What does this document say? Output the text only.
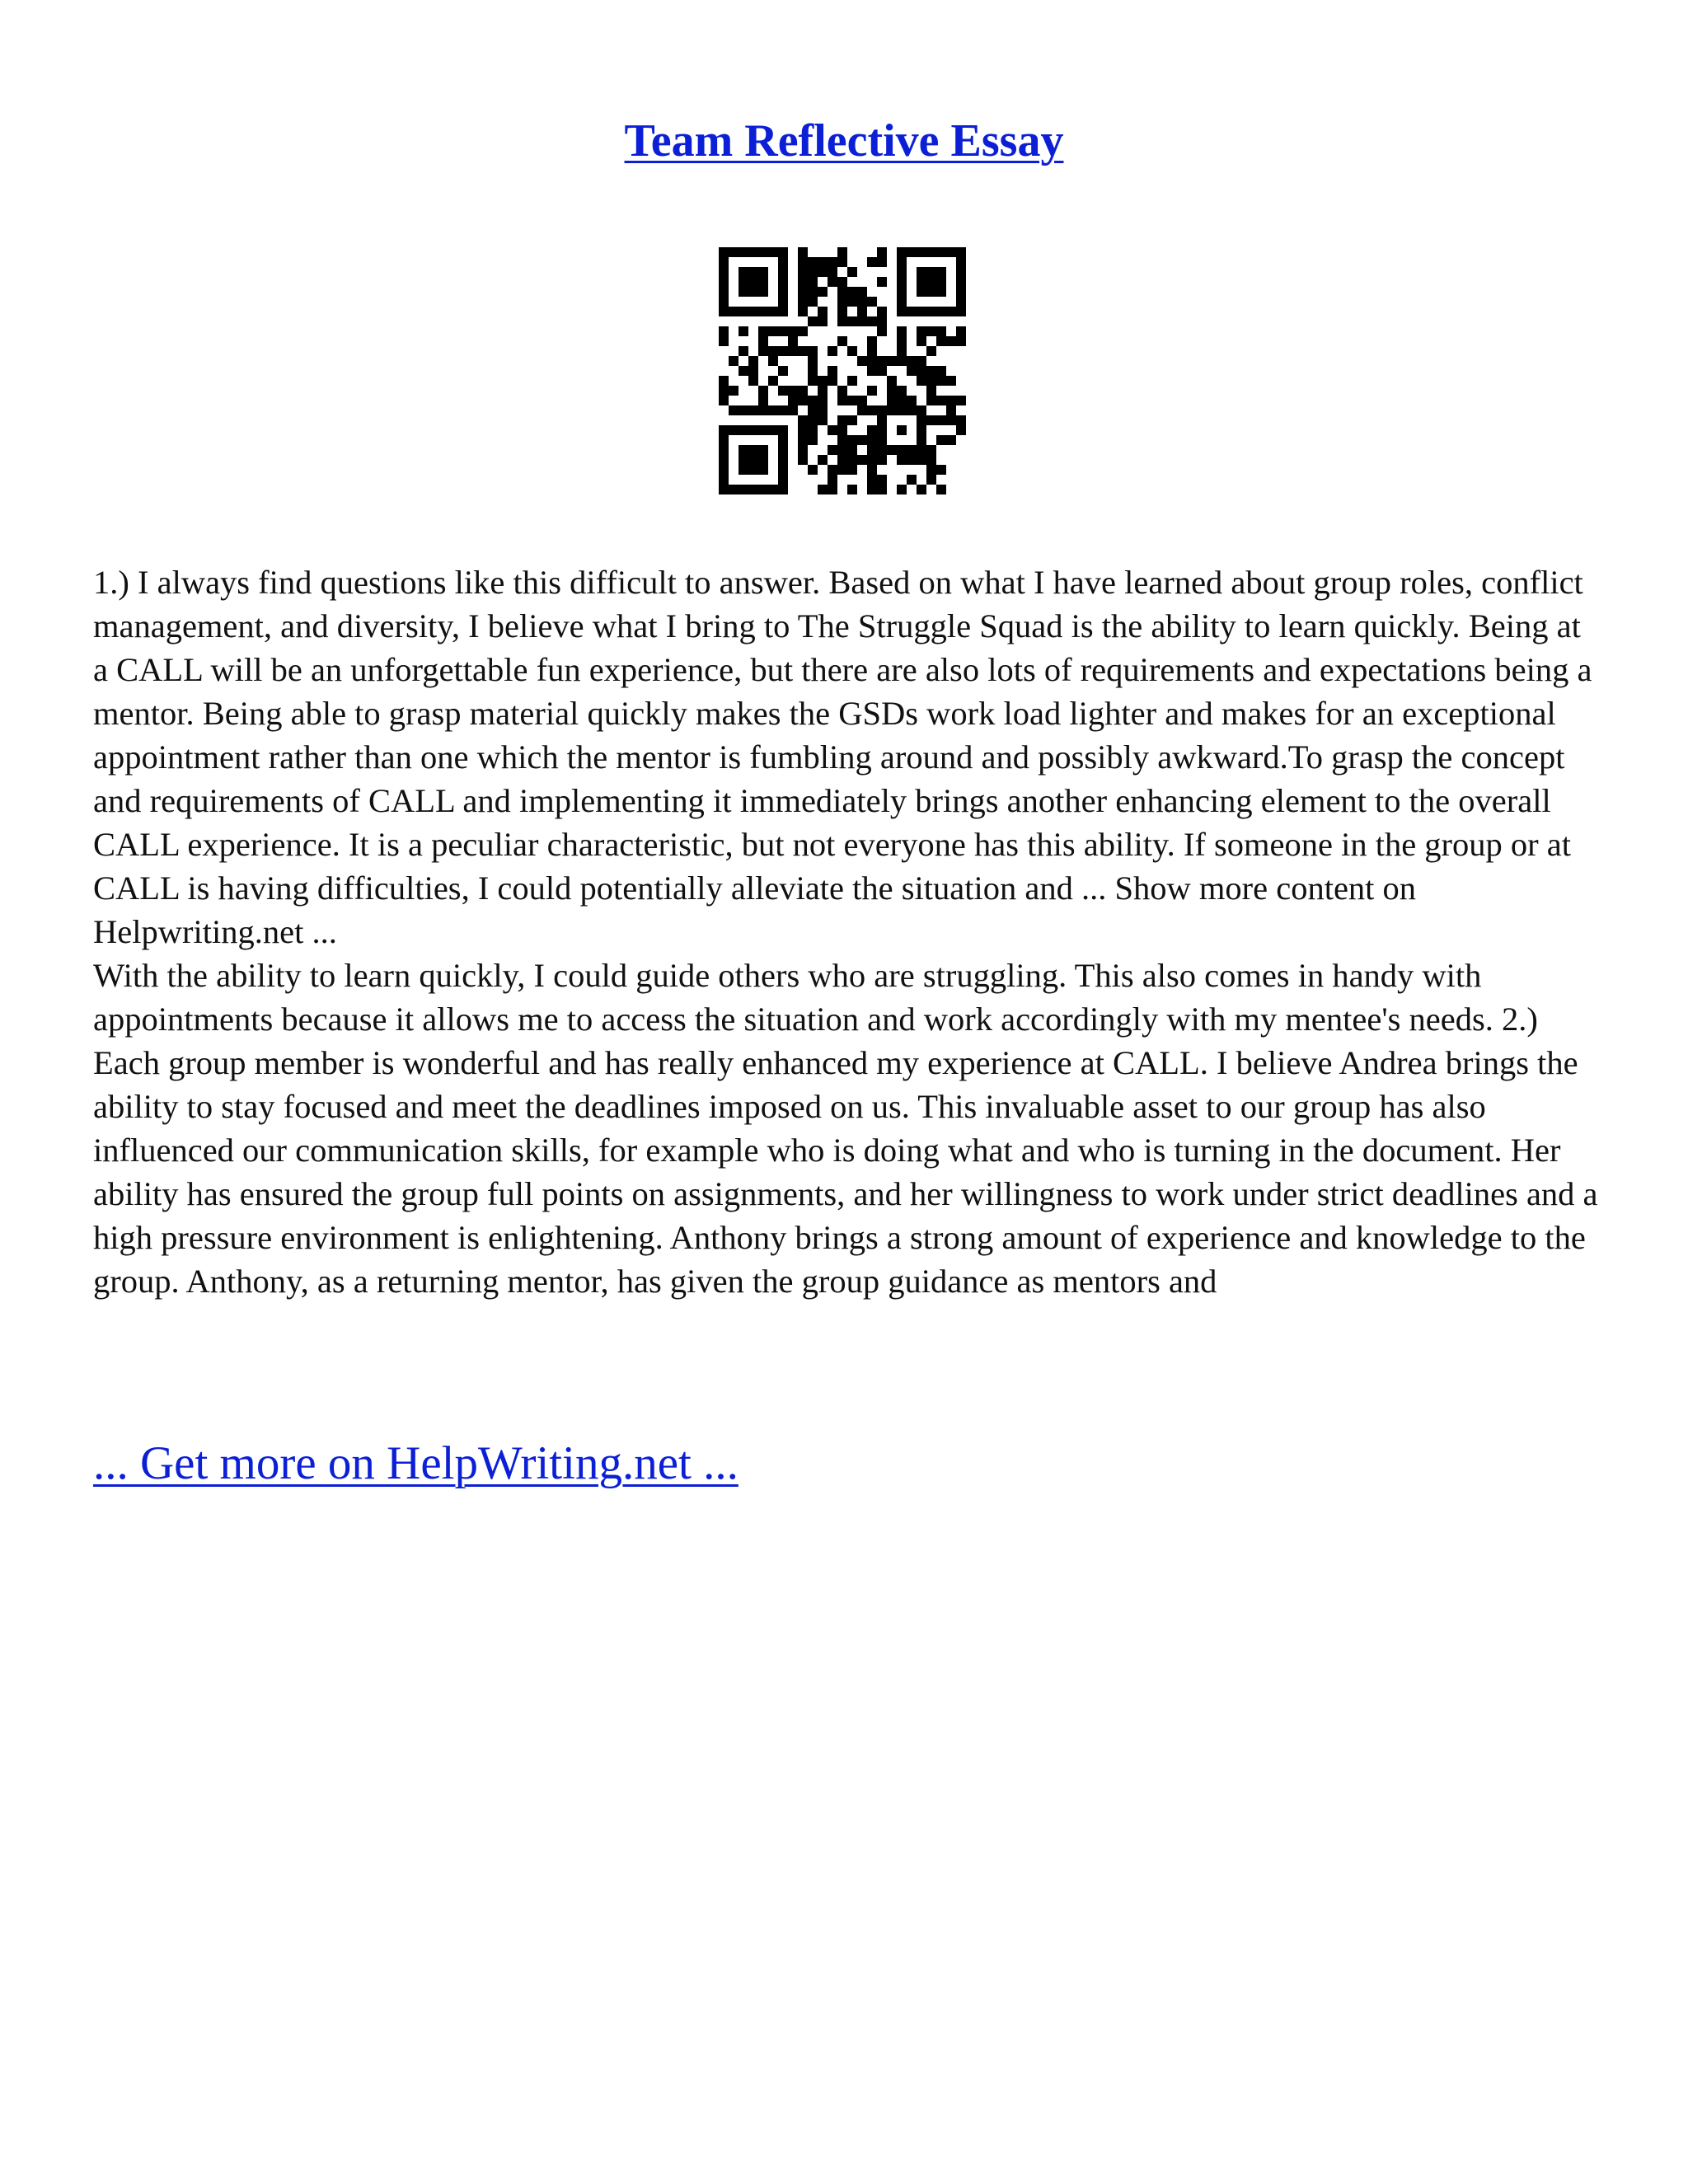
Team Reflective Essay

1.) I always find questions like this difficult to answer. Based on what I have learned about group roles, conflict management, and diversity, I believe what I bring to The Struggle Squad is the ability to learn quickly. Being at a CALL will be an unforgettable fun experience, but there are also lots of requirements and expectations being a mentor. Being able to grasp material quickly makes the GSDs work load lighter and makes for an exceptional appointment rather than one which the mentor is fumbling around and possibly awkward.To grasp the concept and requirements of CALL and implementing it immediately brings another enhancing element to the overall CALL experience. It is a peculiar characteristic, but not everyone has this ability. If someone in the group or at CALL is having difficulties, I could potentially alleviate the situation and ... Show more content on Helpwriting.net ...

With the ability to learn quickly, I could guide others who are struggling. This also comes in handy with appointments because it allows me to access the situation and work accordingly with my mentee's needs. 2.) Each group member is wonderful and has really enhanced my experience at CALL. I believe Andrea brings the ability to stay focused and meet the deadlines imposed on us. This invaluable asset to our group has also influenced our communication skills, for example who is doing what and who is turning in the document. Her ability has ensured the group full points on assignments, and her willingness to work under strict deadlines and a high pressure environment is enlightening. Anthony brings a strong amount of experience and knowledge to the group. Anthony, as a returning mentor, has given the group guidance as mentors and

... Get more on HelpWriting.net ...
